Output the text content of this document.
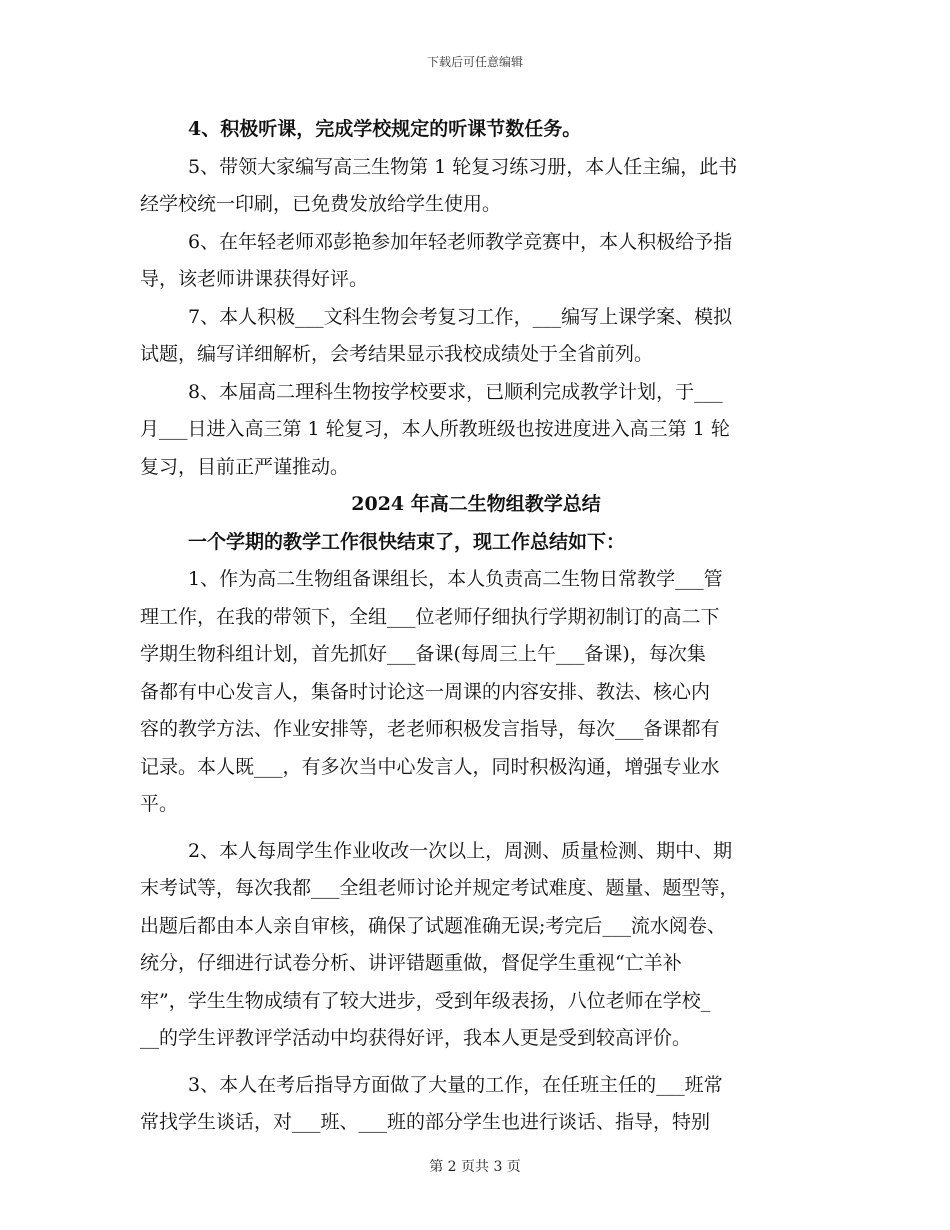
下载后可任意编辑
4、积极听课，完成学校规定的听课节数任务。
5、带领大家编写高三生物第 1 轮复习练习册，本人任主编，此书
经学校统一印刷，已免费发放给学生使用。
6、在年轻老师邓彭艳参加年轻老师教学竞赛中，本人积极给予指
导，该老师讲课获得好评。
7、本人积极___文科生物会考复习工作，___编写上课学案、模拟
试题，编写详细解析，会考结果显示我校成绩处于全省前列。
8、本届高二理科生物按学校要求，已顺利完成教学计划，于___
月___日进入高三第 1 轮复习，本人所教班级也按进度进入高三第 1 轮
复习，目前正严谨推动。
2024 年高二生物组教学总结
一个学期的教学工作很快结束了，现工作总结如下：
1、作为高二生物组备课组长，本人负责高二生物日常教学___管
理工作，在我的带领下，全组___位老师仔细执行学期初制订的高二下
学期生物科组计划，首先抓好___备课(每周三上午___备课)，每次集
备都有中心发言人，集备时讨论这一周课的内容安排、教法、核心内
容的教学方法、作业安排等，老老师积极发言指导，每次___备课都有
记录。本人既___，有多次当中心发言人，同时积极沟通，增强专业水
平。
2、本人每周学生作业收改一次以上，周测、质量检测、期中、期
末考试等，每次我都___全组老师讨论并规定考试难度、题量、题型等，
出题后都由本人亲自审核，确保了试题准确无误;考完后___流水阅卷、
统分，仔细进行试卷分析、讲评错题重做，督促学生重视“亡羊补
牢”，学生生物成绩有了较大进步，受到年级表扬，八位老师在学校_
__的学生评教评学活动中均获得好评，我本人更是受到较高评价。
3、本人在考后指导方面做了大量的工作，在任班主任的___班常
常找学生谈话，对___班、___班的部分学生也进行谈话、指导，特别
第 2 页共 3 页
